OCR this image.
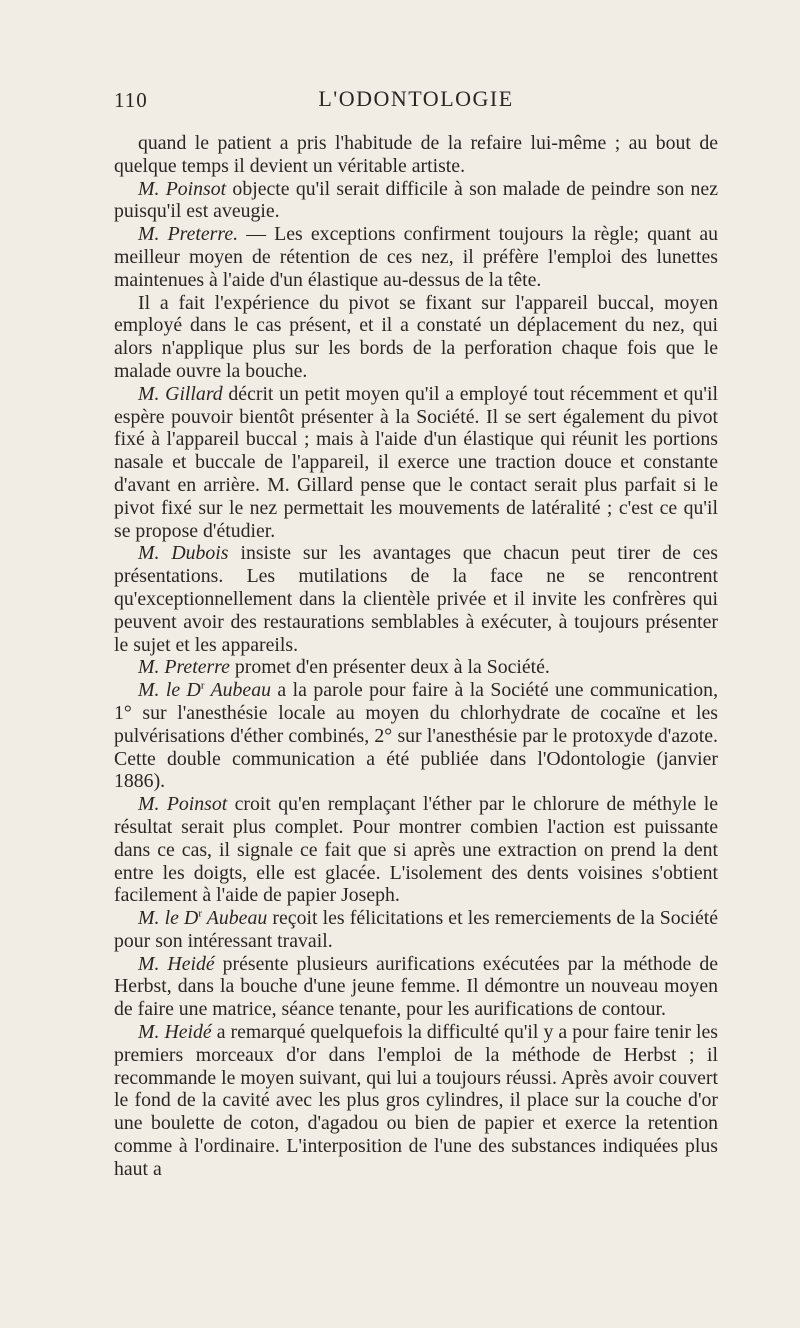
110	L'ODONTOLOGIE

quand le patient a pris l'habitude de la refaire lui-même ; au bout de quelque temps il devient un véritable artiste.

M. Poinsot objecte qu'il serait difficile à son malade de peindre son nez puisqu'il est aveugie.

M. Preterre. — Les exceptions confirment toujours la règle; quant au meilleur moyen de rétention de ces nez, il préfère l'emploi des lunettes maintenues à l'aide d'un élastique au-dessus de la tête.

Il a fait l'expérience du pivot se fixant sur l'appareil buccal, moyen employé dans le cas présent, et il a constaté un déplacement du nez, qui alors n'applique plus sur les bords de la perforation chaque fois que le malade ouvre la bouche.

M. Gillard décrit un petit moyen qu'il a employé tout récemment et qu'il espère pouvoir bientôt présenter à la Société. Il se sert également du pivot fixé à l'appareil buccal ; mais à l'aide d'un élastique qui réunit les portions nasale et buccale de l'appareil, il exerce une traction douce et constante d'avant en arrière. M. Gillard pense que le contact serait plus parfait si le pivot fixé sur le nez permettait les mouvements de latéralité ; c'est ce qu'il se propose d'étudier.

M. Dubois insiste sur les avantages que chacun peut tirer de ces présentations. Les mutilations de la face ne se rencontrent qu'exceptionnellement dans la clientèle privée et il invite les confrères qui peuvent avoir des restaurations semblables à exécuter, à toujours présenter le sujet et les appareils.

M. Preterre promet d'en présenter deux à la Société.

M. le $D^r$ Aubeau a la parole pour faire à la Société une communication, 1° sur l'anesthésie locale au moyen du chlorhydrate de cocaïne et les pulvérisations d'éther combinés, 2° sur l'anesthésie par le protoxyde d'azote. Cette double communication a été publiée dans l'Odontologie (janvier 1886).

M. Poinsot croit qu'en remplaçant l'éther par le chlorure de méthyle le résultat serait plus complet. Pour montrer combien l'action est puissante dans ce cas, il signale ce fait que si après une extraction on prend la dent entre les doigts, elle est glacée. L'isolement des dents voisines s'obtient facilement à l'aide de papier Joseph.

M. le $D^r$ Aubeau reçoit les félicitations et les remerciements de la Société pour son intéressant travail.

M. Heidé présente plusieurs aurifications exécutées par la méthode de Herbst, dans la bouche d'une jeune femme. Il démontre un nouveau moyen de faire une matrice, séance tenante, pour les aurifications de contour.

M. Heidé a remarqué quelquefois la difficulté qu'il y a pour faire tenir les premiers morceaux d'or dans l'emploi de la méthode de Herbst ; il recommande le moyen suivant, qui lui a toujours réussi. Après avoir couvert le fond de la cavité avec les plus gros cylindres, il place sur la couche d'or une boulette de coton, d'agadou ou bien de papier et exerce la retention comme à l'ordinaire. L'interposition de l'une des substances indiquées plus haut a
